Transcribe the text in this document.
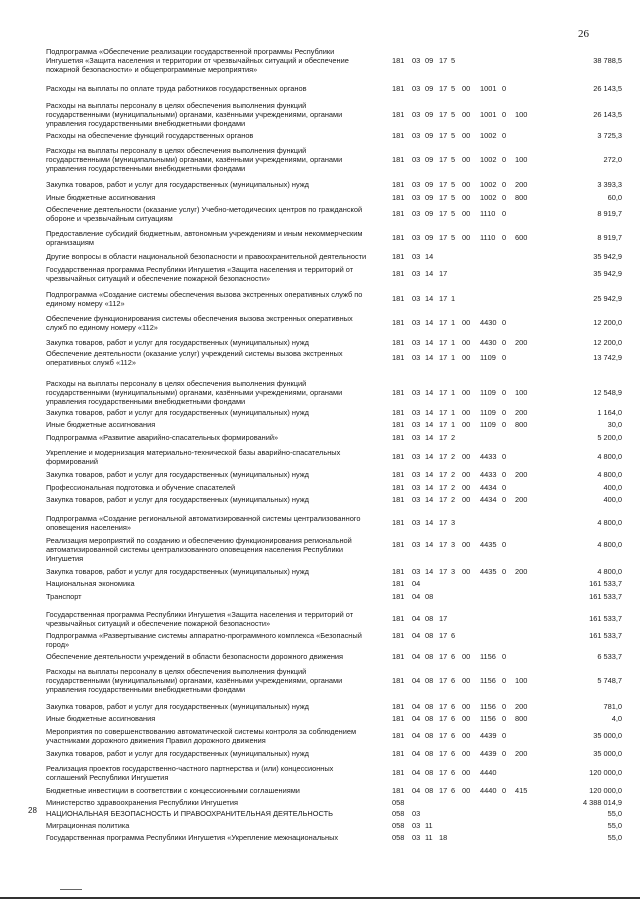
26
28
Подпрограмма «Обеспечение реализации государственной программы Республики Ингушетия «Защита населения и территории от чрезвычайных ситуаций и обеспечение пожарной безопасности» и общепрограммные мероприятия»
181 03 09 17 5	38 788,5
Расходы на выплаты по оплате труда работников государственных органов	181 03 09 17 5 00 1001 0	26 143,5
Расходы на выплаты персоналу в целях обеспечения выполнения функций государственными (муниципальными) органами, казёнными учреждениями, органами управления государственными внебюджетными фондами
181 03 09 17 5 00 1001 0 100	26 143,5
Расходы на обеспечение функций государственных органов	181 03 09 17 5 00 1002 0	3 725,3
Расходы на выплаты персоналу в целях обеспечения выполнения функций государственными (муниципальными) органами, казёнными учреждениями, органами управления государственными внебюджетными фондами
181 03 09 17 5 00 1002 0 100	272,0
Закупка товаров, работ и услуг для государственных (муниципальных) нужд	181 03 09 17 5 00 1002 0 200	3 393,3
Иные бюджетные ассигнования	181 03 09 17 5 00 1002 0 800	60,0
Обеспечение деятельности (оказание услуг) Учебно-методических центров по гражданской обороне и чрезвычайным ситуациям
181 03 09 17 5 00 1110 0	8 919,7
Предоставление субсидий бюджетным, автономным учреждениям и иным некоммерческим организациям
181 03 09 17 5 00 1110 0 600	8 919,7
Другие вопросы в области национальной безопасности и правоохранительной деятельности	181 03 14	35 942,9
Государственная программа Республики Ингушетия «Защита населения и территорий от чрезвычайных ситуаций и обеспечение пожарной безопасности»
181 03 14 17	35 942,9
Подпрограмма «Создание системы обеспечения вызова экстренных оперативных служб по единому номеру «112»
181 03 14 17 1	25 942,9
Обеспечение функционирования системы обеспечения вызова экстренных оперативных служб по единому номеру «112»
181 03 14 17 1 00 4430 0	12 200,0
Закупка товаров, работ и услуг для государственных (муниципальных) нужд	181 03 14 17 1 00 4430 0 200	12 200,0
Обеспечение деятельности (оказание услуг) учреждений системы вызова экстренных оперативных служб «112»
181 03 14 17 1 00 1109 0	13 742,9
Расходы на выплаты персоналу в целях обеспечения выполнения функций государственными (муниципальными) органами, казёнными учреждениями, органами управления государственными внебюджетными фондами
181 03 14 17 1 00 1109 0 100	12 548,9
Закупка товаров, работ и услуг для государственных (муниципальных) нужд	181 03 14 17 1 00 1109 0 200	1 164,0
Иные бюджетные ассигнования	181 03 14 17 1 00 1109 0 800	30,0
Подпрограмма «Развитие аварийно-спасательных формирований»	181 03 14 17 2	5 200,0
Укрепление и модернизация материально-технической базы аварийно-спасательных формирований
181 03 14 17 2 00 4433 0	4 800,0
Закупка товаров, работ и услуг для государственных (муниципальных) нужд	181 03 14 17 2 00 4433 0 200	4 800,0
Профессиональная подготовка и обучение спасателей	181 03 14 17 2 00 4434 0	400,0
Закупка товаров, работ и услуг для государственных (муниципальных) нужд	181 03 14 17 2 00 4434 0 200	400,0
Подпрограмма «Создание региональной автоматизированной системы централизованного оповещения населения»
181 03 14 17 3	4 800,0
Реализация мероприятий по созданию и обеспечению функционирования региональной автоматизированной системы централизованного оповещения населения Республики Ингушетия
181 03 14 17 3 00 4435 0	4 800,0
Закупка товаров, работ и услуг для государственных (муниципальных) нужд	181 03 14 17 3 00 4435 0 200	4 800,0
Национальная экономика	181 04	161 533,7
Транспорт	181 04 08	161 533,7
Государственная программа Республики Ингушетия «Защита населения и территорий от чрезвычайных ситуаций и обеспечение пожарной безопасности»
181 04 08 17	161 533,7
Подпрограмма «Развертывание системы аппаратно-программного комплекса «Безопасный город»
181 04 08 17 6	161 533,7
Обеспечение деятельности учреждений в области безопасности дорожного движения	181 04 08 17 6 00 1156 0	6 533,7
Расходы на выплаты персоналу в целях обеспечения выполнения функций государственными (муниципальными) органами, казёнными учреждениями, органами управления государственными внебюджетными фондами
181 04 08 17 6 00 1156 0 100	5 748,7
Закупка товаров, работ и услуг для государственных (муниципальных) нужд	181 04 08 17 6 00 1156 0 200	781,0
Иные бюджетные ассигнования	181 04 08 17 6 00 1156 0 800	4,0
Мероприятия по совершенствованию автоматической системы контроля за соблюдением участниками дорожного движения Правил дорожного движения
181 04 08 17 6 00 4439 0	35 000,0
Закупка товаров, работ и услуг для государственных (муниципальных) нужд	181 04 08 17 6 00 4439 0 200	35 000,0
Реализация проектов государственно-частного партнерства и (или) концессионных соглашений Республики Ингушетия
181 04 08 17 6 00 4440	120 000,0
Бюджетные инвестиции в соответствии с концессионными соглашениями	181 04 08 17 6 00 4440 0 415	120 000,0
Министерство здравоохранения Республики Ингушетия	058	4 388 014,9
НАЦИОНАЛЬНАЯ БЕЗОПАСНОСТЬ И ПРАВООХРАНИТЕЛЬНАЯ ДЕЯТЕЛЬНОСТЬ	058 03	55,0
Миграционная политика	058 03 11	55,0
Государственная программа Республики Ингушетия «Укрепление межнациональных	058 03 11 18	55,0
